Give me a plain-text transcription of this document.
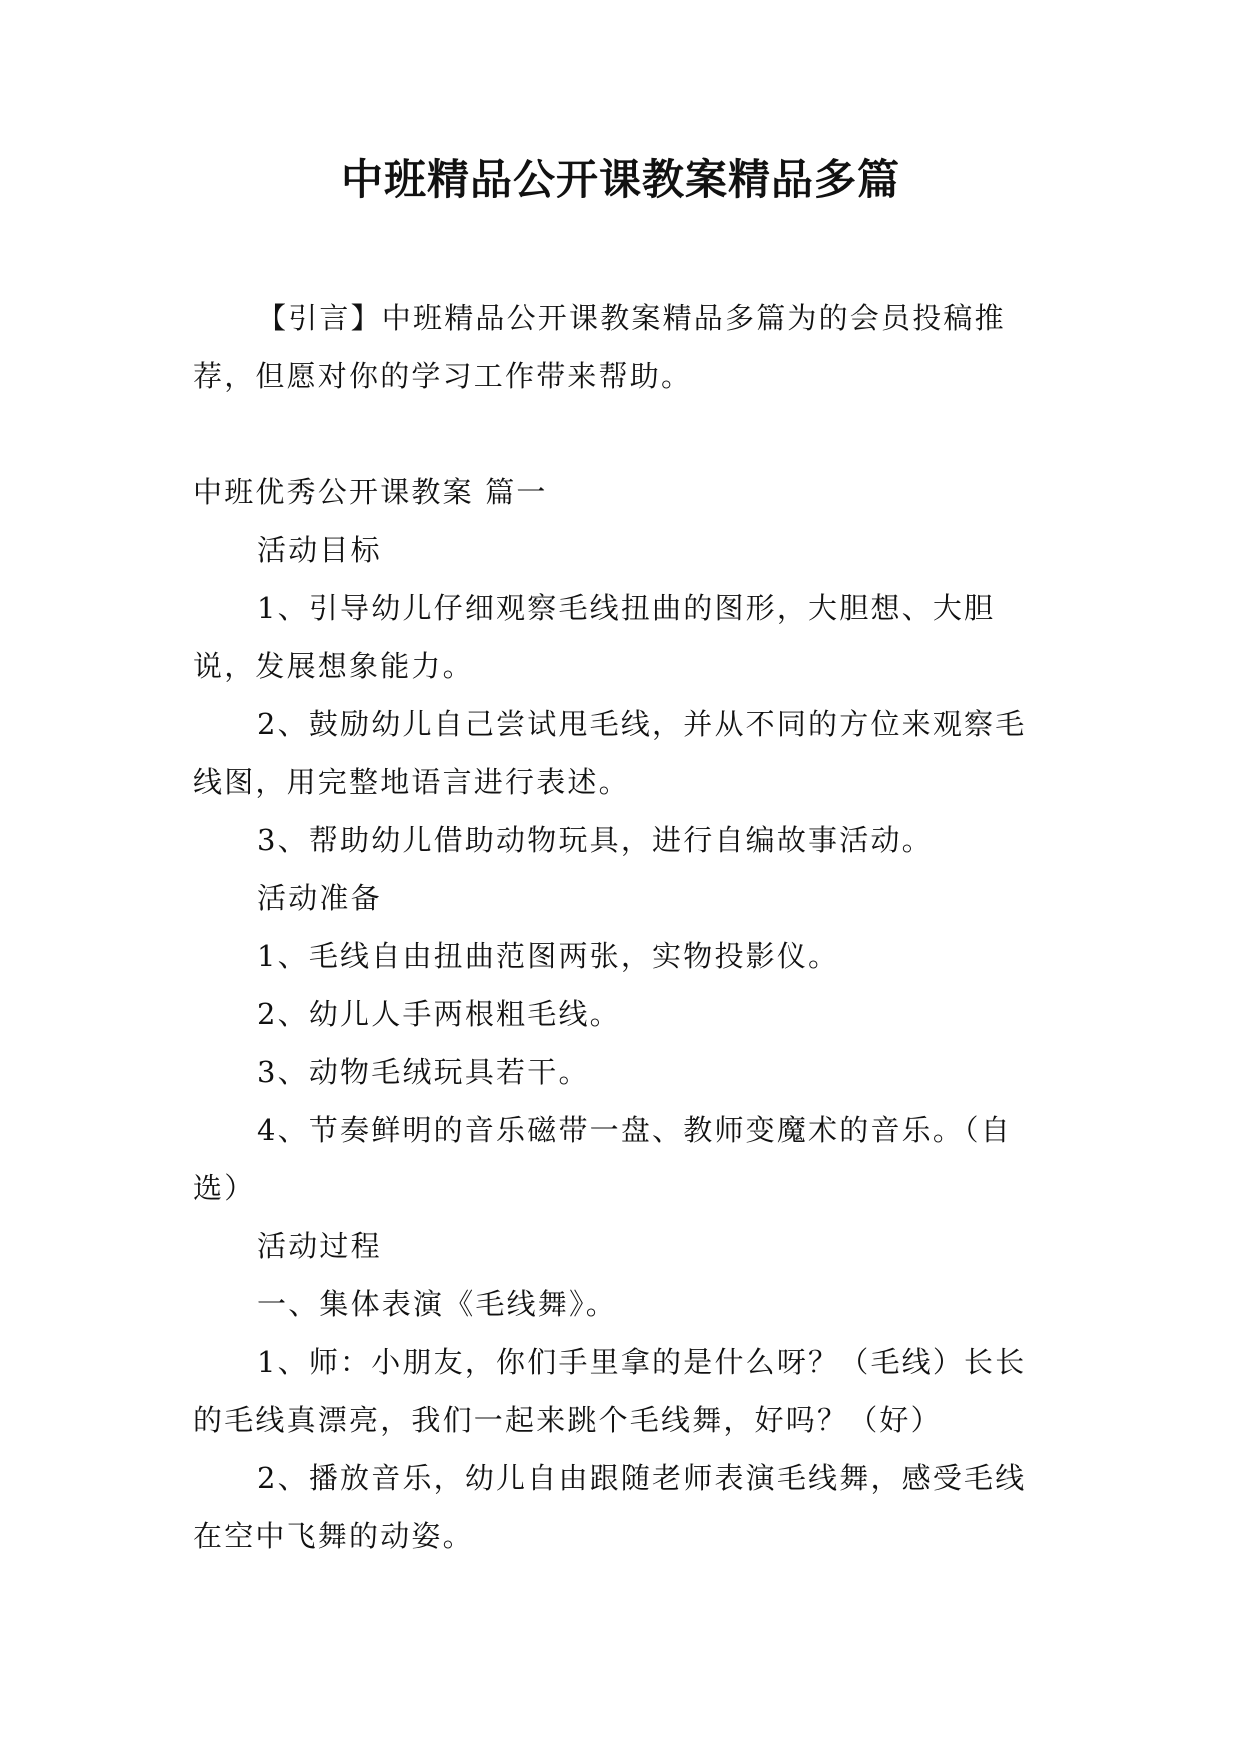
中班精品公开课教案精品多篇

【引言】中班精品公开课教案精品多篇为的会员投稿推荐，但愿对你的学习工作带来帮助。

中班优秀公开课教案 篇一

活动目标

1、引导幼儿仔细观察毛线扭曲的图形，大胆想、大胆说，发展想象能力。

2、鼓励幼儿自己尝试甩毛线，并从不同的方位来观察毛线图，用完整地语言进行表述。

3、帮助幼儿借助动物玩具，进行自编故事活动。

活动准备

1、毛线自由扭曲范图两张，实物投影仪。

2、幼儿人手两根粗毛线。

3、动物毛绒玩具若干。

4、节奏鲜明的音乐磁带一盘、教师变魔术的音乐。（自选）

活动过程

一、集体表演《毛线舞》。

1、师：小朋友，你们手里拿的是什么呀？（毛线）长长的毛线真漂亮，我们一起来跳个毛线舞，好吗？（好）

2、播放音乐，幼儿自由跟随老师表演毛线舞，感受毛线在空中飞舞的动姿。
